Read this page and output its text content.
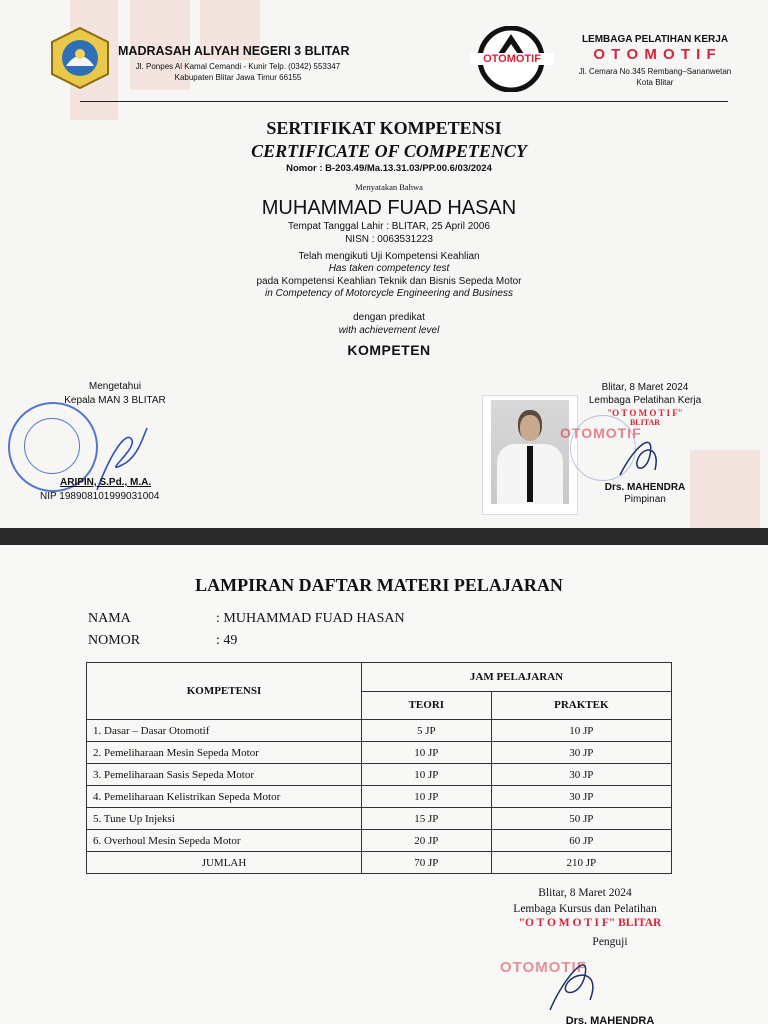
MADRASAH ALIYAH NEGERI 3 BLITAR
Jl. Ponpes Al Kamal Cemandi - Kunir Telp. (0342) 553347
Kabupaten Blitar Jawa Timur 66155
OTOMOTIF
LEMBAGA PELATIHAN KERJA
O T O M O T I F
Jl. Cemara No.345 Rembang–Sananwetan
Kota Blitar
SERTIFIKAT KOMPETENSI
CERTIFICATE OF COMPETENCY
Nomor : B-203.49/Ma.13.31.03/PP.00.6/03/2024
Menyatakan Bahwa
MUHAMMAD FUAD HASAN
Tempat Tanggal Lahir : BLITAR, 25 April 2006
NISN : 0063531223
Telah mengikuti Uji Kompetensi Keahlian
Has taken competency test
pada Kompetensi Keahlian Teknik dan Bisnis Sepeda Motor
in Competency of Motorcycle Engineering and Business
dengan predikat
with achievement level
KOMPETEN
Mengetahui
Kepala MAN 3 BLITAR
ARIPIN, S.Pd., M.A.
NIP 198908101999031004
Blitar, 8 Maret 2024
Lembaga Pelatihan Kerja
"O T O M O T I F"
BLITAR
OTOMOTIF
Drs. MAHENDRA
Pimpinan
LAMPIRAN DAFTAR MATERI PELAJARAN
NAMA	: MUHAMMAD FUAD HASAN
NOMOR	: 49
KOMPETENSI	JAM PELAJARAN	
	TEORI	PRAKTEK
1. Dasar – Dasar Otomotif	5 JP	10 JP
2. Pemeliharaan Mesin Sepeda Motor	10 JP	30 JP
3. Pemeliharaan Sasis Sepeda Motor	10 JP	30 JP
4. Pemeliharaan Kelistrikan Sepeda Motor	10 JP	30 JP
5. Tune Up Injeksi	15 JP	50 JP
6. Overhoul Mesin Sepeda Motor	20 JP	60 JP
JUMLAH	70 JP	210 JP
Blitar, 8 Maret 2024
Lembaga Kursus dan Pelatihan
"O T O M O T I F" BLITAR
Penguji
OTOMOTIF
Drs. MAHENDRA
